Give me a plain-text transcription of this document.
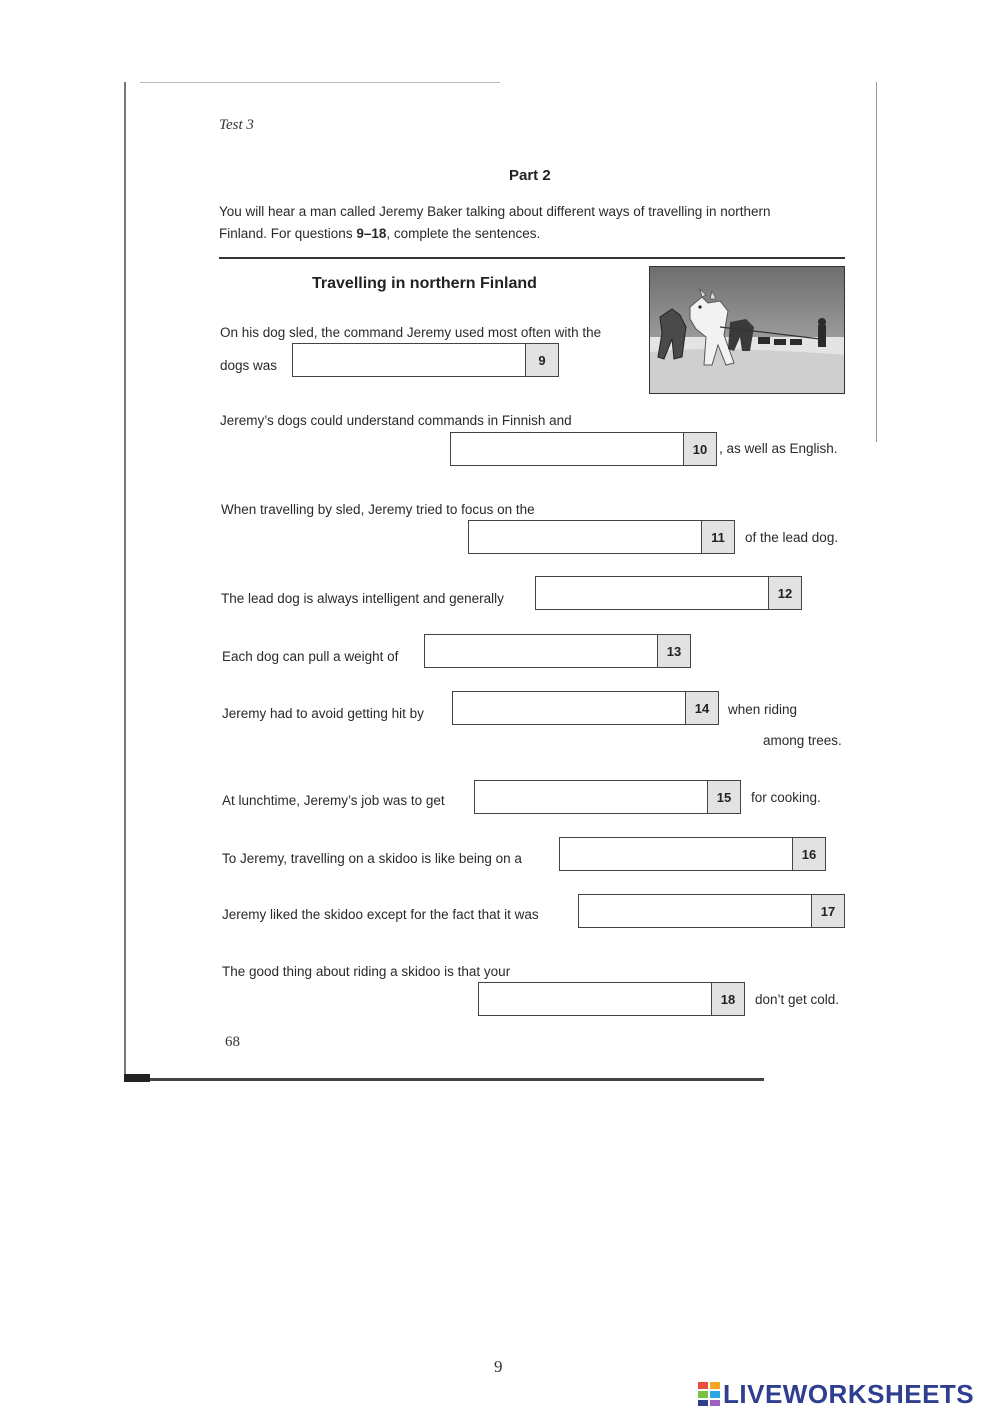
Test 3
Part 2
You will hear a man called Jeremy Baker talking about different ways of travelling in northern
Finland. For questions 9–18, complete the sentences.
Travelling in northern Finland
On his dog sled, the command Jeremy used most often with the
dogs was	9
Jeremy’s dogs could understand commands in Finnish and
10 , as well as English.
When travelling by sled, Jeremy tried to focus on the
11	of the lead dog.
The lead dog is always intelligent and generally	12
Each dog can pull a weight of	13
Jeremy had to avoid getting hit by	14	when riding
among trees.
At lunchtime, Jeremy’s job was to get	15	for cooking.
To Jeremy, travelling on a skidoo is like being on a	16
Jeremy liked the skidoo except for the fact that it was	17
The good thing about riding a skidoo is that your
18	don’t get cold.
68
9
LIVEWORKSHEETS
